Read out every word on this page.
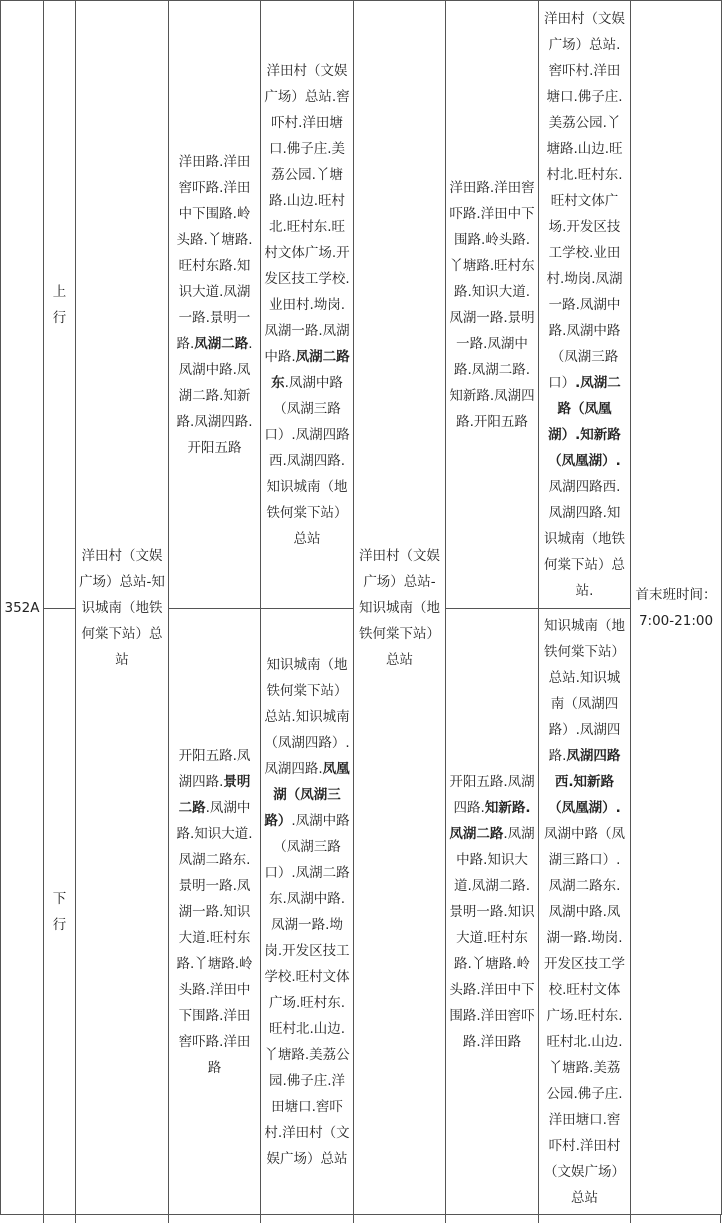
352A	上行	洋田村（文娱广场）总站-知识城南（地铁何棠下站）总站	洋田路.洋田窖吓路.洋田中下围路.岭头路.丫塘路.旺村东路.知识大道.凤湖一路.景明一路.凤湖二路.凤湖中路.凤湖二路.知新路.凤湖四路.开阳五路	洋田村（文娱广场）总站.窖吓村.洋田塘口.佛子庄.美荔公园.丫塘路.山边.旺村北.旺村东.旺村文体广场.开发区技工学校.业田村.坳岗.凤湖一路.凤湖中路.凤湖二路东.凤湖中路（凤湖三路口）.凤湖四路西.凤湖四路.知识城南（地铁何棠下站）总站	洋田村（文娱广场）总站-知识城南（地铁何棠下站）总站	洋田路.洋田窖吓路.洋田中下围路.岭头路.丫塘路.旺村东路.知识大道.凤湖一路.景明一路.凤湖中路.凤湖二路.知新路.凤湖四路.开阳五路	洋田村（文娱广场）总站.窖吓村.洋田塘口.佛子庄.美荔公园.丫塘路.山边.旺村北.旺村东.旺村文体广场.开发区技工学校.业田村.坳岗.凤湖一路.凤湖中路.凤湖中路（凤湖三路口）.凤湖二路（凤凰湖）.知新路（凤凰湖）.凤湖四路西.凤湖四路.知识城南（地铁何棠下站）总站.	首末班时间：7:00-21:00
	下行		开阳五路.凤湖四路.景明二路.凤湖中路.知识大道.凤湖二路东.景明一路.凤湖一路.知识大道.旺村东路.丫塘路.岭头路.洋田中下围路.洋田窖吓路.洋田路	知识城南（地铁何棠下站）总站.知识城南（凤湖四路）.凤湖四路.凤凰湖（凤湖三路）.凤湖中路（凤湖三路口）.凤湖二路东.凤湖中路.凤湖一路.坳岗.开发区技工学校.旺村文体广场.旺村东.旺村北.山边.丫塘路.美荔公园.佛子庄.洋田塘口.窖吓村.洋田村（文娱广场）总站		开阳五路.凤湖四路.知新路.凤湖二路.凤湖中路.知识大道.凤湖二路.景明一路.知识大道.旺村东路.丫塘路.岭头路.洋田中下围路.洋田窖吓路.洋田路	知识城南（地铁何棠下站）总站.知识城南（凤湖四路）.凤湖四路.凤湖四路西.知新路（凤凰湖）.凤湖中路（凤湖三路口）.凤湖二路东.凤湖中路.凤湖一路.坳岗.开发区技工学校.旺村文体广场.旺村东.旺村北.山边.丫塘路.美荔公园.佛子庄.洋田塘口.窖吓村.洋田村（文娱广场）总站	
